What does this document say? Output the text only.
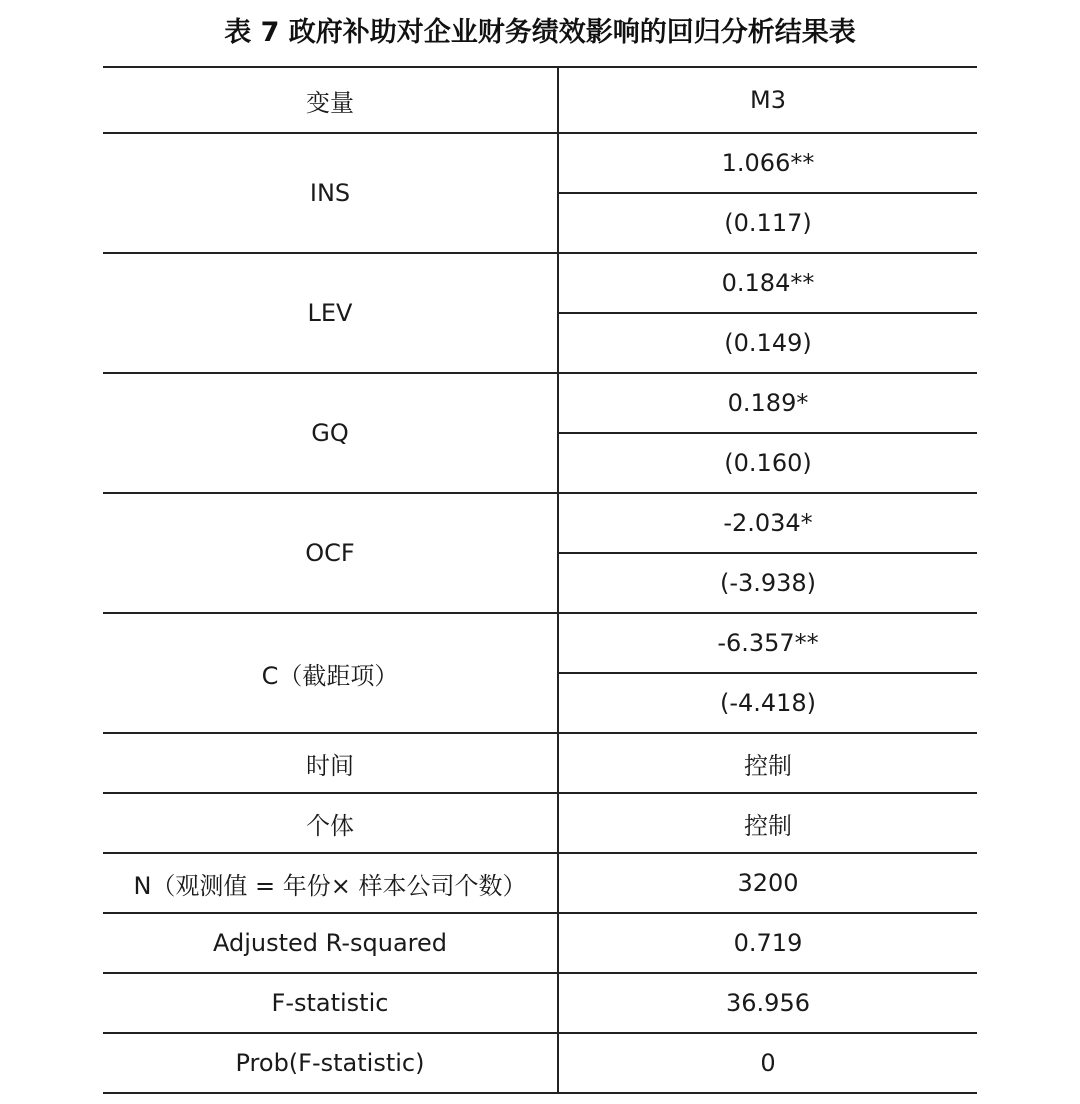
表 7 政府补助对企业财务绩效影响的回归分析结果表
变量	M3
INS	1.066**
	(0.117)
LEV	0.184**
	(0.149)
GQ	0.189*
	(0.160)
OCF	-2.034*
	(-3.938)
C（截距项）	-6.357**
	(-4.418)
时间	控制
个体	控制
N（观测值 = 年份× 样本公司个数）	3200
Adjusted R-squared	0.719
F-statistic	36.956
Prob(F-statistic)	0
